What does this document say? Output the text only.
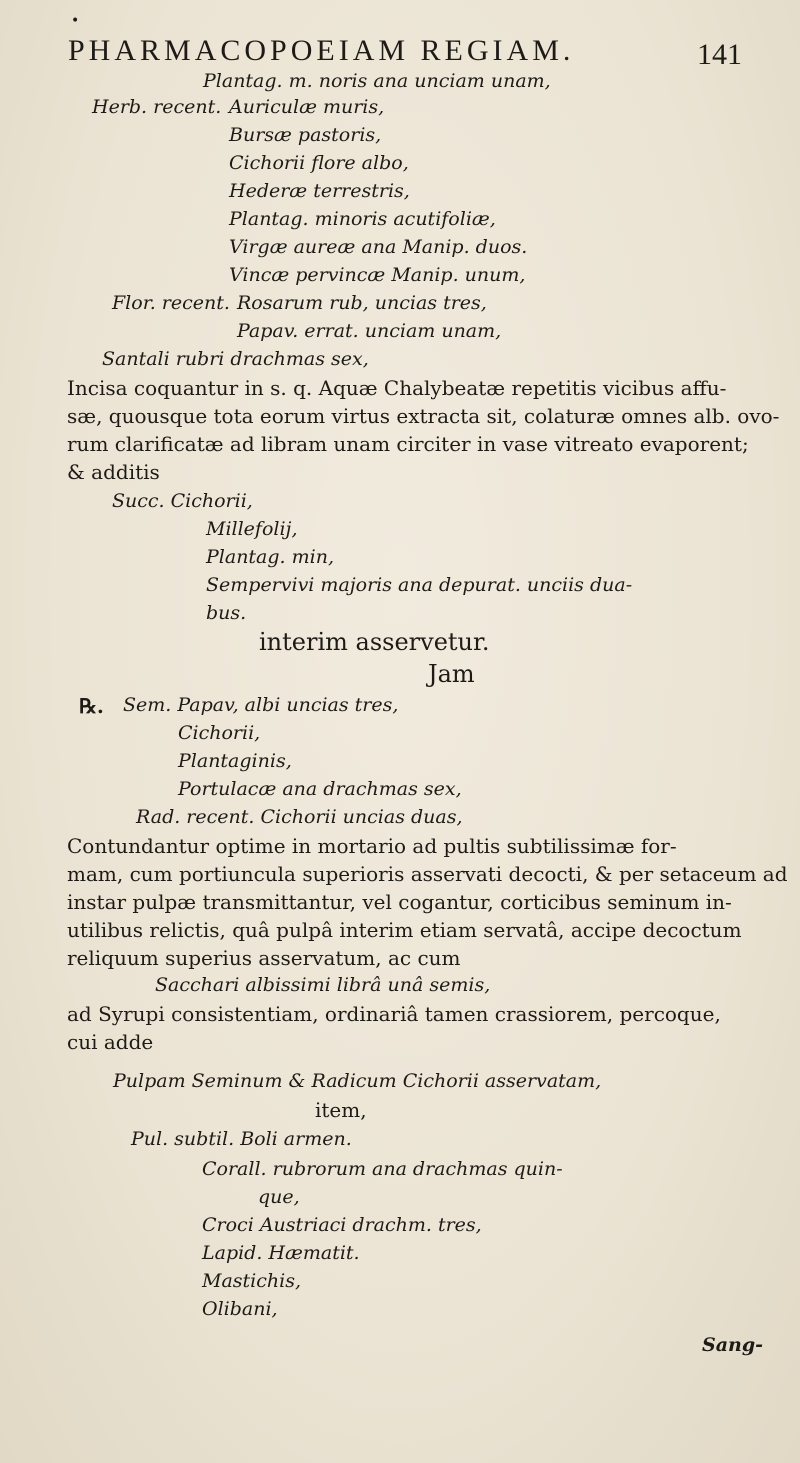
•
PHARMACOPOEIAM REGIAM.	141
Plantag. m. noris ana unciam unam,
Herb. recent. Auriculæ muris,
Bursæ pastoris,
Cichorii flore albo,
Hederæ terrestris,
Plantag. minoris acutifoliæ,
Virgæ aureæ ana Manip. duos.
Vincæ pervincæ Manip. unum,
Flor. recent. Rosarum rub, uncias tres,
Papav. errat. unciam unam,
Santali rubri drachmas sex,
Incisa coquantur in s. q. Aquæ Chalybeatæ repetitis vicibus affu-
sæ, quousque tota eorum virtus extracta sit, colaturæ omnes alb. ovo-
rum clarificatæ ad libram unam circiter in vase vitreato evaporent;
& additis
Succ. Cichorii,
Millefolij,
Plantag. min,
Sempervivi majoris ana depurat. unciis dua-
bus.
interim asservetur.
Jam
℞. Sem. Papav, albi uncias tres,
Cichorii,
Plantaginis,
Portulacæ ana drachmas sex,
Rad. recent. Cichorii uncias duas,
Contundantur optime in mortario ad pultis subtilissimæ for-
mam, cum portiuncula superioris asservati decocti, & per setaceum ad
instar pulpæ transmittantur, vel cogantur, corticibus seminum in-
utilibus relictis, quâ pulpâ interim etiam servatâ, accipe decoctum
reliquum superius asservatum, ac cum
Sacchari albissimi librâ unâ semis,
ad Syrupi consistentiam, ordinariâ tamen crassiorem, percoque,
cui adde
Pulpam Seminum & Radicum Cichorii asservatam,
item,
Pul. subtil. Boli armen.
Corall. rubrorum ana drachmas quin-
que,
Croci Austriaci drachm. tres,
Lapid. Hæmatit.
Mastichis,
Olibani,
Sang-
